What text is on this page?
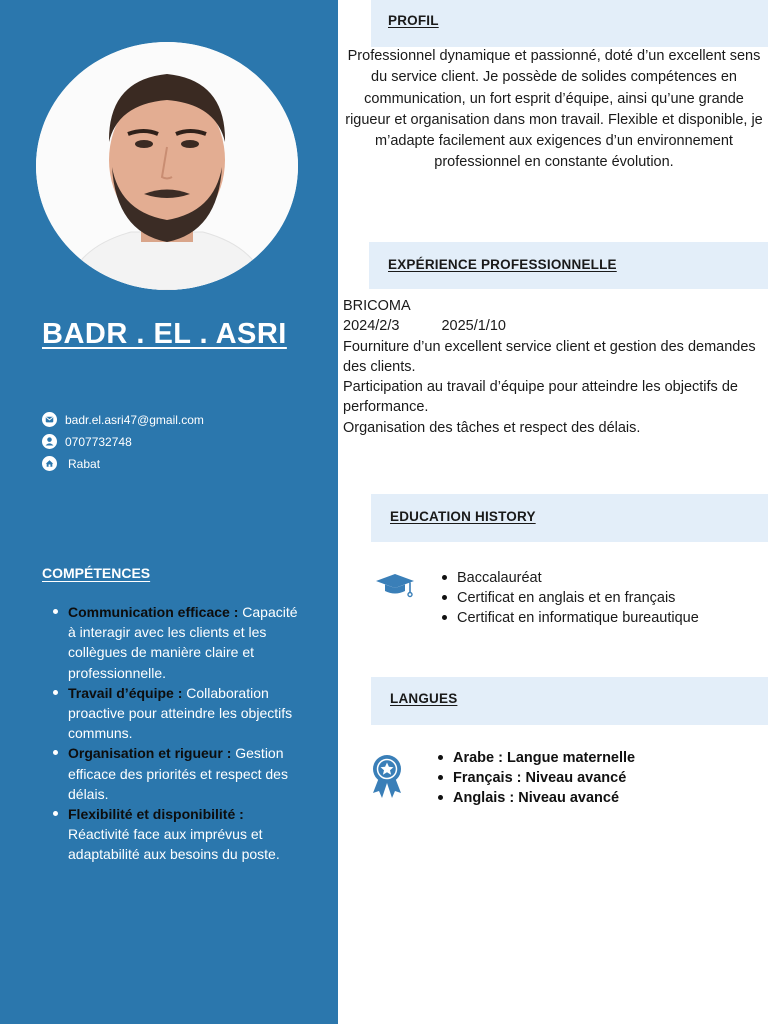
BADR . EL . ASRI
badr.el.asri47@gmail.com
0707732748
Rabat
COMPÉTENCES
Communication efficace : Capacité à interagir avec les clients et les collègues de manière claire et professionnelle.
Travail d’équipe : Collaboration proactive pour atteindre les objectifs communs.
Organisation et rigueur : Gestion efficace des priorités et respect des délais.
Flexibilité et disponibilité : Réactivité face aux imprévus et adaptabilité aux besoins du poste.
PROFIL
Professionnel dynamique et passionné, doté d’un excellent sens du service client. Je possède de solides compétences en communication, un fort esprit d’équipe, ainsi qu’une grande rigueur et organisation dans mon travail. Flexible et disponible, je m’adapte facilement aux exigences d’un environnement professionnel en constante évolution.
EXPÉRIENCE PROFESSIONNELLE
BRICOMA
2024/2/3	2025/1/10
Fourniture d’un excellent service client et gestion des demandes des clients.
Participation au travail d’équipe pour atteindre les objectifs de performance.
Organisation des tâches et respect des délais.
EDUCATION HISTORY
Baccalauréat
Certificat en anglais et en français
Certificat en informatique bureautique
LANGUES
Arabe : Langue maternelle
Français : Niveau avancé
Anglais : Niveau avancé
